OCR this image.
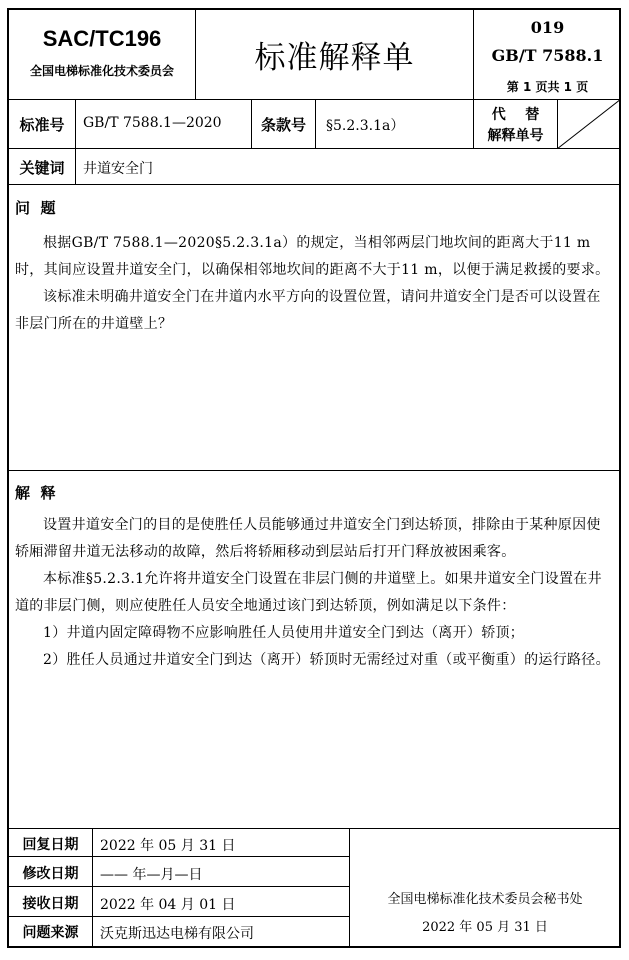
SAC/TC196
全国电梯标准化技术委员会	标准解释单
019
GB/T 7588.1
第 1 页共 1 页
标准号	GB/T 7588.1—2020	条款号	§5.2.3.1a）
代    替
解释单号
关键词	井道安全门
问  题

根据GB/T 7588.1—2020§5.2.3.1a）的规定，当相邻两层门地坎间的距离大于11 m时，其间应设置井道安全门，以确保相邻地坎间的距离不大于11 m，以便于满足救援的要求。

该标准未明确井道安全门在井道内水平方向的设置位置，请问井道安全门是否可以设置在非层门所在的井道壁上？

解  释

设置井道安全门的目的是使胜任人员能够通过井道安全门到达轿顶，排除由于某种原因使轿厢滞留井道无法移动的故障，然后将轿厢移动到层站后打开门释放被困乘客。

本标准§5.2.3.1允许将井道安全门设置在非层门侧的井道壁上。如果井道安全门设置在井道的非层门侧，则应使胜任人员安全地通过该门到达轿顶，例如满足以下条件：

1）井道内固定障碍物不应影响胜任人员使用井道安全门到达（离开）轿顶；

2）胜任人员通过井道安全门到达（离开）轿顶时无需经过对重（或平衡重）的运行路径。

回复日期	2022 年 05 月 31 日
修改日期	—— 年—月—日
接收日期	2022 年 04 月 01 日
问题来源	沃克斯迅达电梯有限公司
全国电梯标准化技术委员会秘书处
2022 年 05 月 31 日
